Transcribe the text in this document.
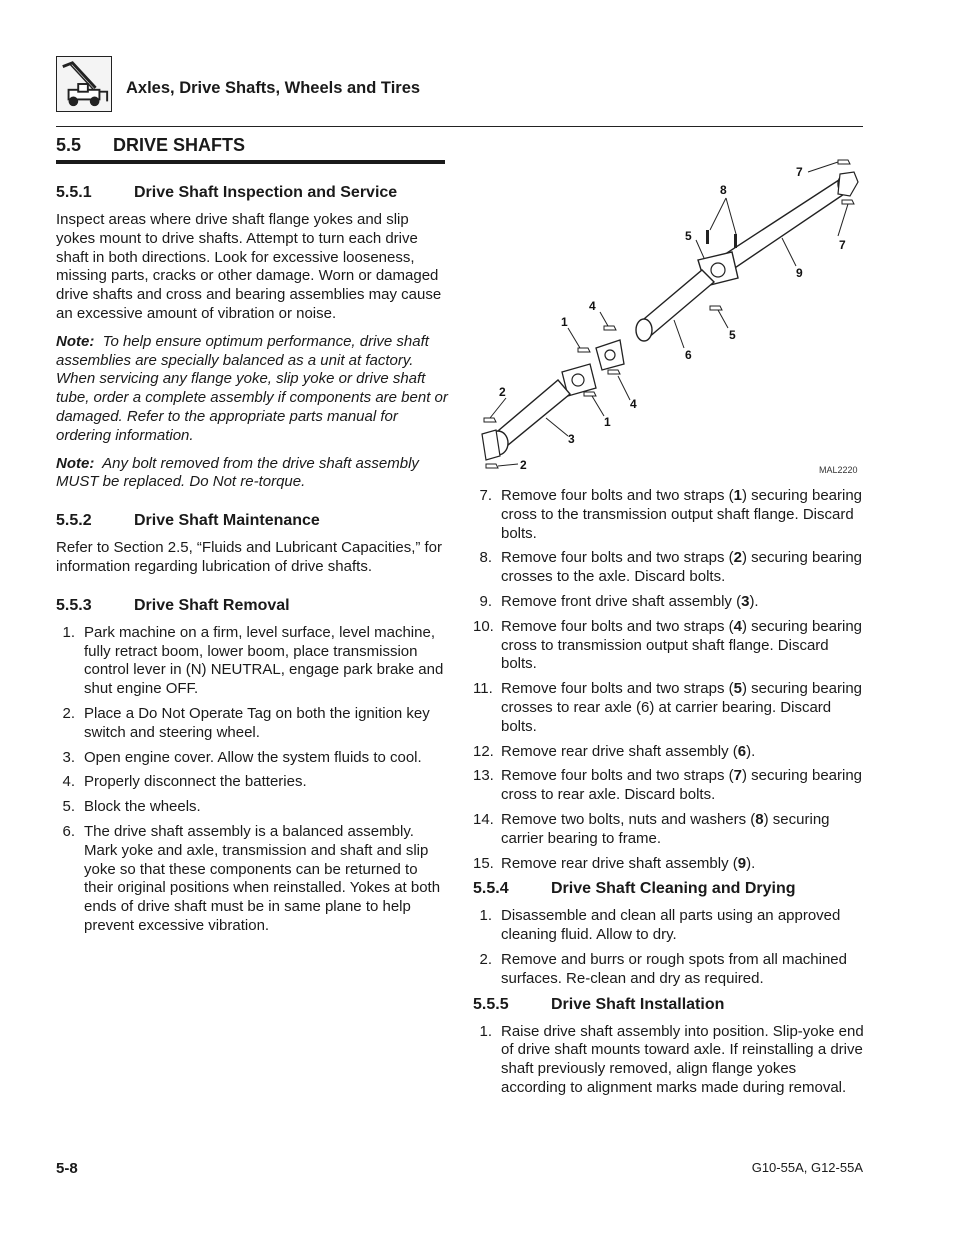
Axles, Drive Shafts, Wheels and Tires
5.5 DRIVE SHAFTS
5.5.1	Drive Shaft Inspection and Service

Inspect areas where drive shaft flange yokes and slip yokes mount to drive shafts. Attempt to turn each drive shaft in both directions. Look for excessive looseness, missing parts, cracks or other damage. Worn or damaged drive shafts and cross and bearing assemblies may cause an excessive amount of vibration or noise.

Note: To help ensure optimum performance, drive shaft assemblies are specially balanced as a unit at factory. When servicing any flange yoke, slip yoke or drive shaft tube, order a complete assembly if components are bent or damaged. Refer to the appropriate parts manual for ordering information.

Note: Any bolt removed from the drive shaft assembly MUST be replaced. Do Not re-torque.

5.5.2	Drive Shaft Maintenance

Refer to Section 2.5, “Fluids and Lubricant Capacities,” for information regarding lubrication of drive shafts.

5.5.3	Drive Shaft Removal
1. Park machine on a firm, level surface, level machine, fully retract boom, lower boom, place transmission control lever in (N) NEUTRAL, engage park brake and shut engine OFF.
2. Place a Do Not Operate Tag on both the ignition key switch and steering wheel.
3. Open engine cover. Allow the system fluids to cool.
4. Properly disconnect the batteries.
5. Block the wheels.
6. The drive shaft assembly is a balanced assembly. Mark yoke and axle, transmission and shaft and slip yoke so that these components can be returned to their original positions when reinstalled. Yokes at both ends of drive shaft must be in same plane to help prevent excessive vibration.
7
8
5
7
9
4
1
5
6
2
4
1
3
2	MAL2220
7. Remove four bolts and two straps (1) securing bearing cross to the transmission output shaft flange. Discard bolts.
8. Remove four bolts and two straps (2) securing bearing crosses to the axle. Discard bolts.
9. Remove front drive shaft assembly (3).
10. Remove four bolts and two straps (4) securing bearing cross to transmission output shaft flange. Discard bolts.
11. Remove four bolts and two straps (5) securing bearing crosses to rear axle (6) at carrier bearing. Discard bolts.
12. Remove rear drive shaft assembly (6).
13. Remove four bolts and two straps (7) securing bearing cross to rear axle. Discard bolts.
14. Remove two bolts, nuts and washers (8) securing carrier bearing to frame.
15. Remove rear drive shaft assembly (9).
5.5.4	Drive Shaft Cleaning and Drying
1. Disassemble and clean all parts using an approved cleaning fluid. Allow to dry.
2. Remove and burrs or rough spots from all machined surfaces. Re-clean and dry as required.
5.5.5	Drive Shaft Installation
1. Raise drive shaft assembly into position. Slip-yoke end of drive shaft mounts toward axle. If reinstalling a drive shaft previously removed, align flange yokes according to alignment marks made during removal.
5-8	G10-55A, G12-55A
